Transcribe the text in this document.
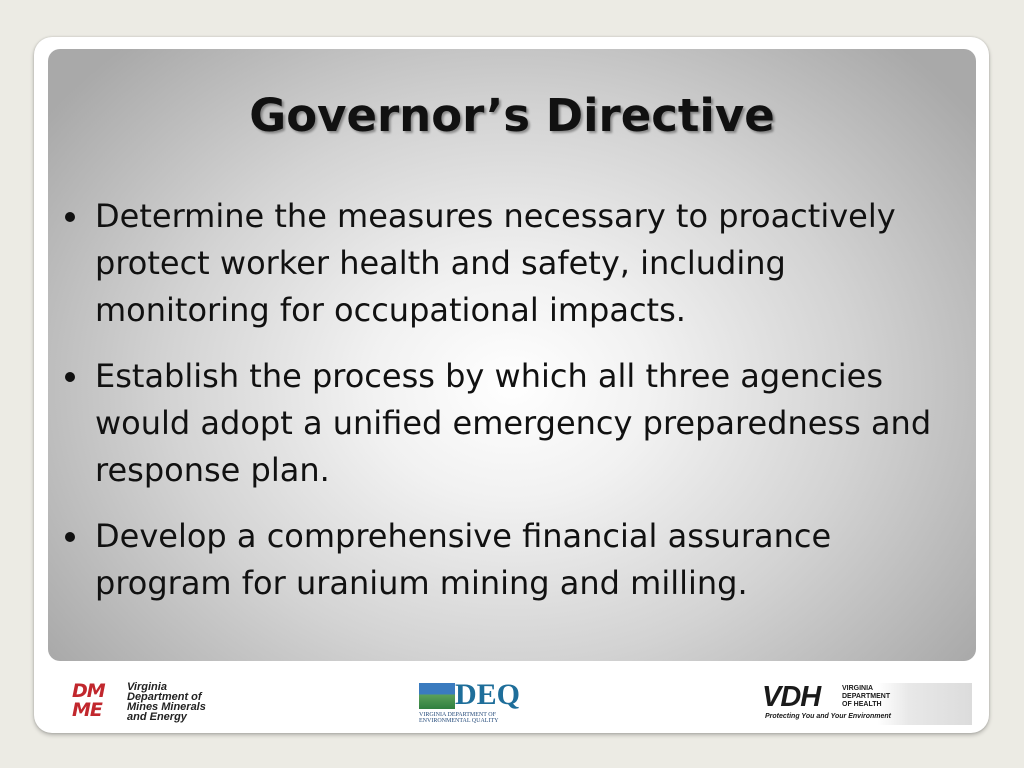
Governor’s Directive
Determine the measures necessary to proactively protect worker health and safety, including monitoring for occupational impacts.
Establish the process by which all three agencies would adopt a unified emergency preparedness and response plan.
Develop a comprehensive financial assurance program for uranium mining and milling.
DM ME
Virginia
Department of
Mines Minerals
and Energy
DEQ
VIRGINIA DEPARTMENT OF
ENVIRONMENTAL QUALITY
VDH	VIRGINIA
DEPARTMENT
OF HEALTH
Protecting You and Your Environment
